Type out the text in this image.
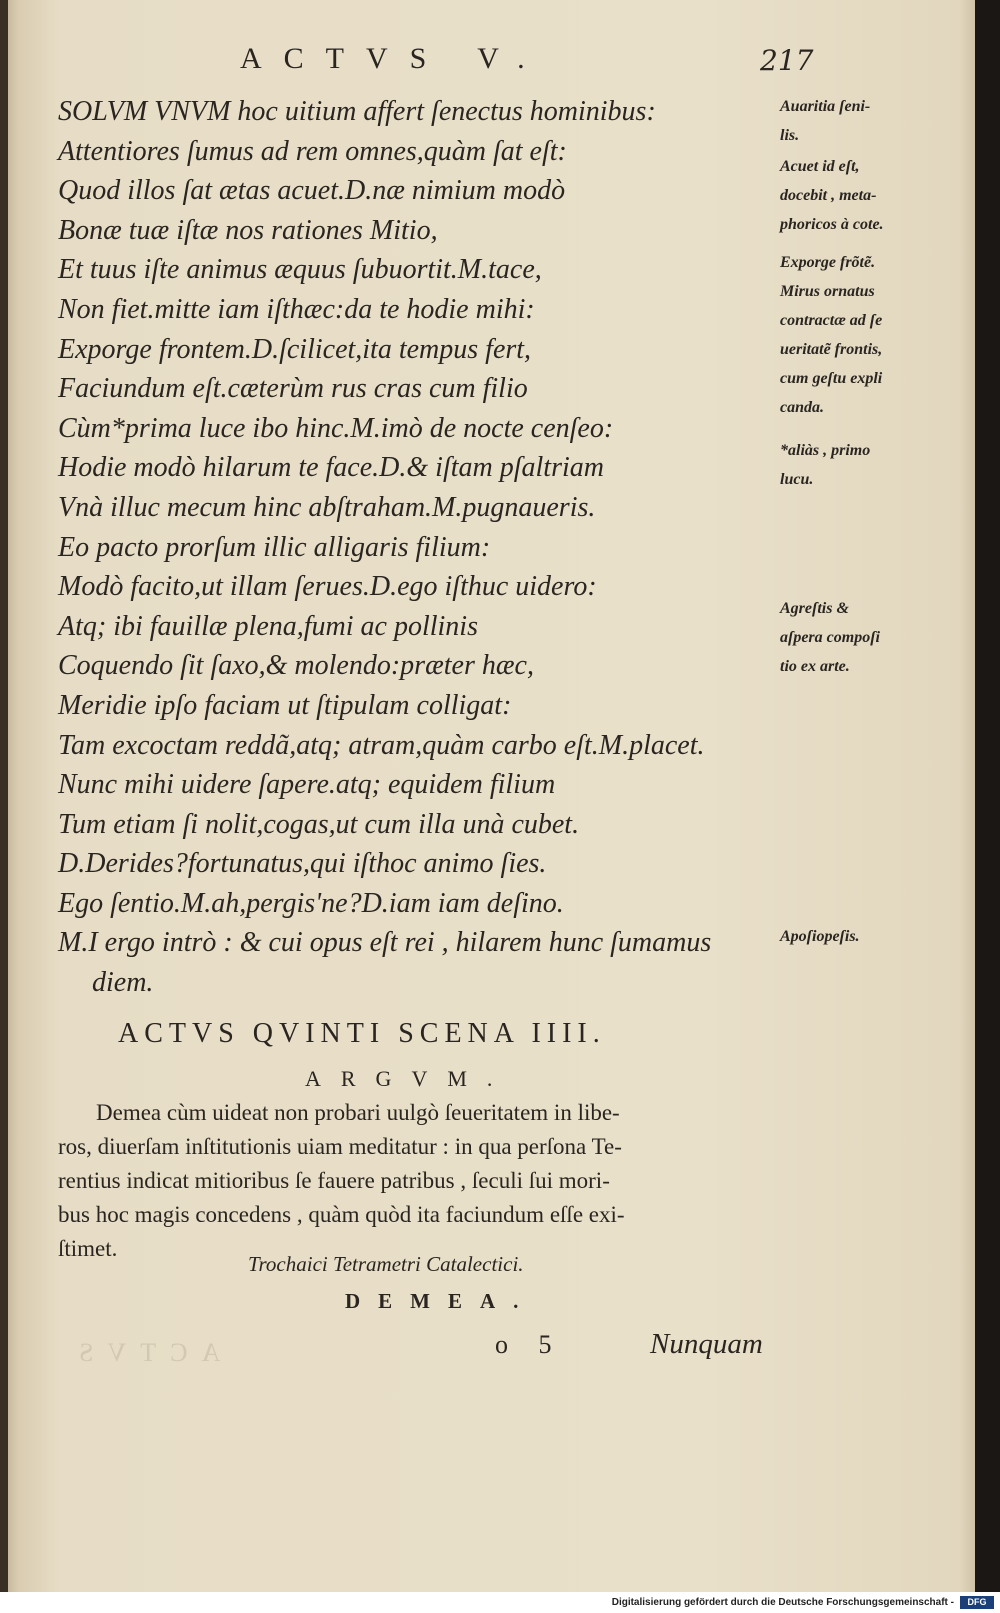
ACTVS V.	217
SOLVM VNVM hoc uitium affert ſenectus hominibus:
Attentiores ſumus ad rem omnes,quàm ſat eſt:
Quod illos ſat ætas acuet.D.næ nimium modò
Bonæ tuæ iſtæ nos rationes Mitio,
Et tuus iſte animus æquus ſubuortit.M.tace,
Non fiet.mitte iam iſthæc:da te hodie mihi:
Exporge frontem.D.ſcilicet,ita tempus fert,
Faciundum eſt.cæterùm rus cras cum filio
Cùm*prima luce ibo hinc.M.imò de nocte cenſeo:
Hodie modò hilarum te face.D.& iſtam pſaltriam
Vnà illuc mecum hinc abſtraham.M.pugnaueris.
Eo pacto prorſum illic alligaris filium:
Modò facito,ut illam ſerues.D.ego iſthuc uidero:
Atq; ibi fauillæ plena,fumi ac pollinis
Coquendo ſit ſaxo,& molendo:præter hæc,
Meridie ipſo faciam ut ſtipulam colligat:
Tam excoctam reddã,atq; atram,quàm carbo eſt.M.placet.
Nunc mihi uidere ſapere.atq; equidem filium
Tum etiam ſi nolit,cogas,ut cum illa unà cubet.
D.Derides?fortunatus,qui iſthoc animo ſies.
Ego ſentio.M.ah,pergis'ne?D.iam iam deſino.
M.I ergo intrò : & cui opus eſt rei , hilarem hunc ſumamus
diem.
Auaritia ſeni-
lis.
Acuet id eſt,
docebit , meta-
phoricos à cote.
Exporge frõtẽ.
Mirus ornatus
contractæ ad ſe
ueritatẽ frontis,
cum geſtu expli
canda.
*aliàs , primo
lucu.
Agreſtis &
aſpera compoſi
tio ex arte.
Apoſiopeſis.
ACTVS QVINTI SCENA IIII.
ARGVM.
Demea cùm uideat non probari uulgò ſeueritatem in libe-
ros, diuerſam inſtitutionis uiam meditatur : in qua perſona Te-
rentius indicat mitioribus ſe fauere patribus , ſeculi ſui mori-
bus hoc magis concedens , quàm quòd ita faciundum eſſe exi-
ſtimet.
Trochaici Tetrametri Catalectici.
DEMEA.
o 5	Nunquam
ACTVS
Digitalisierung gefördert durch die Deutsche Forschungsgemeinschaft -	DFG
